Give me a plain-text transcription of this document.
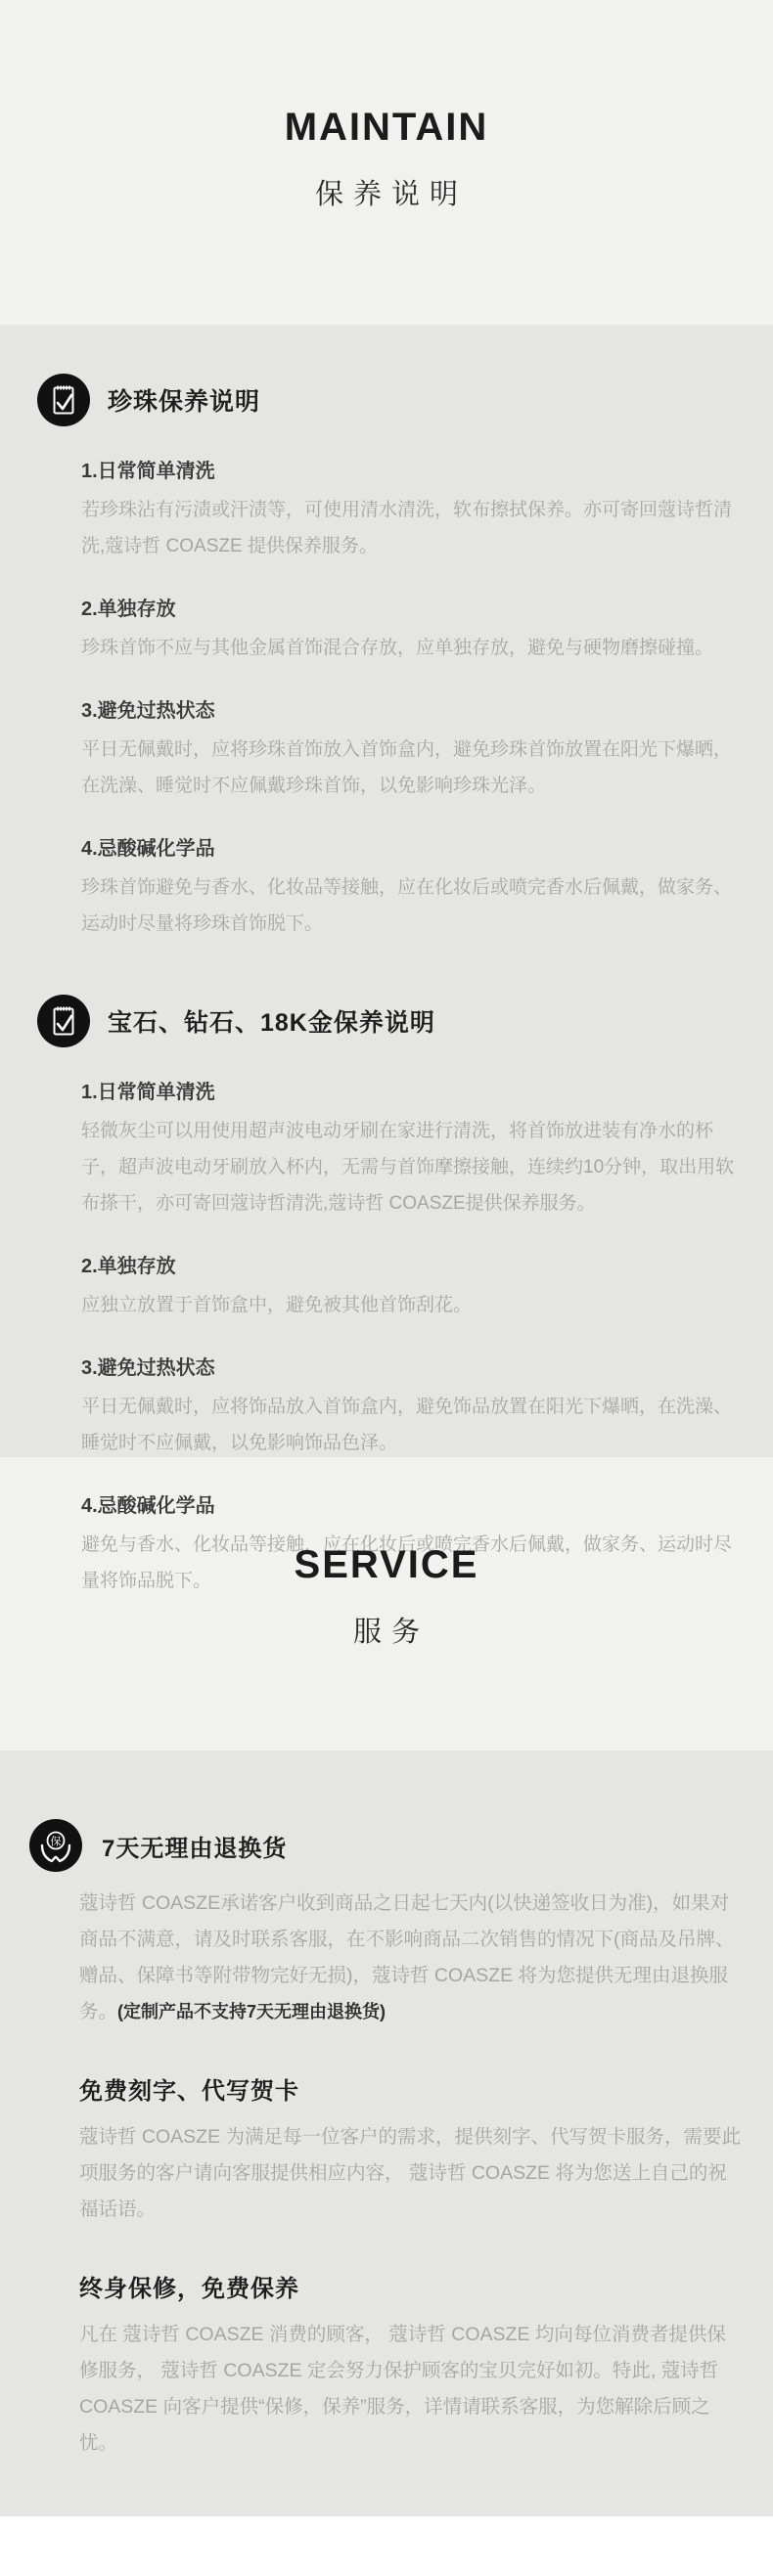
MAINTAIN
保养说明
珍珠保养说明
1.日常简单清洗
若珍珠沾有污渍或汗渍等，可使用清水清洗，软布擦拭保养。亦可寄回蔻诗哲清洗,蔻诗哲 COASZE 提供保养服务。
2.单独存放
珍珠首饰不应与其他金属首饰混合存放，应单独存放，避免与硬物磨擦碰撞。
3.避免过热状态
平日无佩戴时，应将珍珠首饰放入首饰盒内，避免珍珠首饰放置在阳光下爆晒，在洗澡、睡觉时不应佩戴珍珠首饰，以免影响珍珠光泽。
4.忌酸碱化学品
珍珠首饰避免与香水、化妆品等接触，应在化妆后或喷完香水后佩戴，做家务、运动时尽量将珍珠首饰脱下。
宝石、钻石、18K金保养说明
1.日常简单清洗
轻微灰尘可以用使用超声波电动牙刷在家进行清洗，将首饰放进装有净水的杯子，超声波电动牙刷放入杯内，无需与首饰摩擦接触，连续约10分钟，取出用软布搽干，亦可寄回蔻诗哲清洗,蔻诗哲 COASZE提供保养服务。
2.单独存放
应独立放置于首饰盒中，避免被其他首饰刮花。
3.避免过热状态
平日无佩戴时，应将饰品放入首饰盒内，避免饰品放置在阳光下爆晒，在洗澡、睡觉时不应佩戴，以免影响饰品色泽。
4.忌酸碱化学品
避免与香水、化妆品等接触，应在化妆后或喷完香水后佩戴，做家务、运动时尽量将饰品脱下。	SERVICE
服务
保 7天无理由退换货

蔻诗哲 COASZE承诺客户收到商品之日起七天内(以快递签收日为准)，如果对商品不满意，请及时联系客服，在不影响商品二次销售的情况下(商品及吊牌、赠品、保障书等附带物完好无损)，蔻诗哲 COASZE 将为您提供无理由退换服务。(定制产品不支持7天无理由退换货)

免费刻字、代写贺卡

蔻诗哲 COASZE 为满足每一位客户的需求，提供刻字、代写贺卡服务，需要此项服务的客户请向客服提供相应内容， 蔻诗哲 COASZE 将为您送上自己的祝福话语。

终身保修，免费保养

凡在 蔻诗哲 COASZE 消费的顾客， 蔻诗哲 COASZE 均向每位消费者提供保修服务， 蔻诗哲 COASZE 定会努力保护顾客的宝贝完好如初。特此, 蔻诗哲 COASZE 向客户提供“保修，保养”服务，详情请联系客服，为您解除后顾之忧。
